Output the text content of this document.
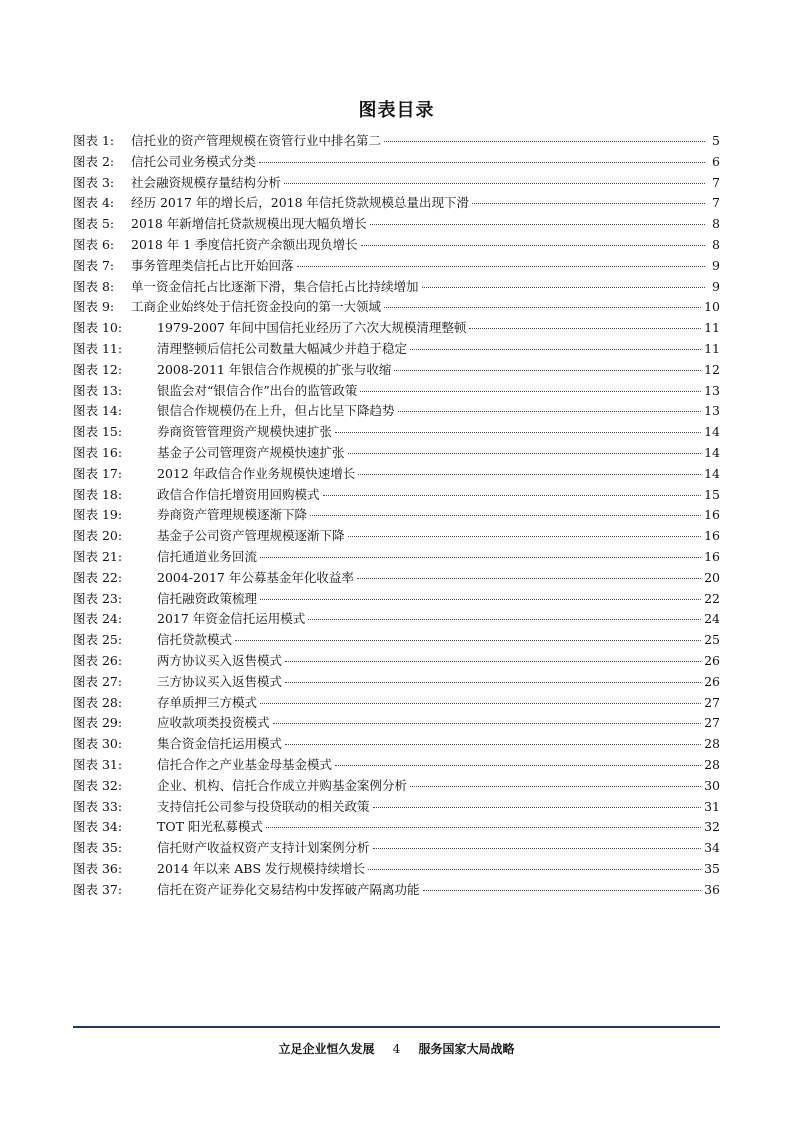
图表目录
图表 1:	信托业的资产管理规模在资管行业中排名第二	5
图表 2:	信托公司业务模式分类	6
图表 3:	社会融资规模存量结构分析	7
图表 4:	经历 2017 年的增长后，2018 年信托贷款规模总量出现下滑	7
图表 5:	2018 年新增信托贷款规模出现大幅负增长	8
图表 6:	2018 年 1 季度信托资产余额出现负增长	8
图表 7:	事务管理类信托占比开始回落	9
图表 8:	单一资金信托占比逐渐下滑，集合信托占比持续增加	9
图表 9:	工商企业始终处于信托资金投向的第一大领域	10
图表 10:	1979-2007 年间中国信托业经历了六次大规模清理整顿	11
图表 11:	清理整顿后信托公司数量大幅减少并趋于稳定	11
图表 12:	2008-2011 年银信合作规模的扩张与收缩	12
图表 13:	银监会对“银信合作”出台的监管政策	13
图表 14:	银信合作规模仍在上升，但占比呈下降趋势	13
图表 15:	券商资管管理资产规模快速扩张	14
图表 16:	基金子公司管理资产规模快速扩张	14
图表 17:	2012 年政信合作业务规模快速增长	14
图表 18:	政信合作信托增资用回购模式	15
图表 19:	券商资产管理规模逐渐下降	16
图表 20:	基金子公司资产管理规模逐渐下降	16
图表 21:	信托通道业务回流	16
图表 22:	2004-2017 年公募基金年化收益率	20
图表 23:	信托融资政策梳理	22
图表 24:	2017 年资金信托运用模式	24
图表 25:	信托贷款模式	25
图表 26:	两方协议买入返售模式	26
图表 27:	三方协议买入返售模式	26
图表 28:	存单质押三方模式	27
图表 29:	应收款项类投资模式	27
图表 30:	集合资金信托运用模式	28
图表 31:	信托合作之产业基金母基金模式	28
图表 32:	企业、机构、信托合作成立并购基金案例分析	30
图表 33:	支持信托公司参与投贷联动的相关政策	31
图表 34:	TOT 阳光私募模式	32
图表 35:	信托财产收益权资产支持计划案例分析	34
图表 36:	2014 年以来 ABS 发行规模持续增长	35
图表 37:	信托在资产证券化交易结构中发挥破产隔离功能	36
立足企业恒久发展 4 服务国家大局战略
